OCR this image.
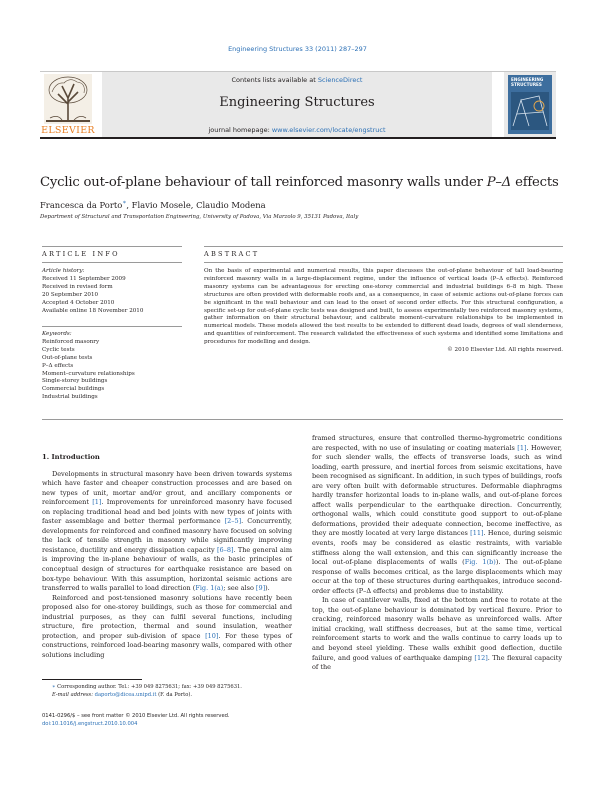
Engineering Structures 33 (2011) 287–297
ELSEVIER
Contents lists available at ScienceDirect
Engineering Structures
journal homepage: www.elsevier.com/locate/engstruct
ENGINEERING STRUCTURES
Cyclic out-of-plane behaviour of tall reinforced masonry walls under P–Δ effects
Francesca da Porto∗, Flavio Mosele, Claudio Modena
Department of Structural and Transportation Engineering, University of Padova, Via Marzolo 9, 35131 Padova, Italy
ARTICLE INFO	ABSTRACT
Article history:
Received 11 September 2009
Received in revised form
20 September 2010
Accepted 4 October 2010
Available online 18 November 2010
Keywords:
Reinforced masonry
Cyclic tests
Out-of-plane tests
P–Δ effects
Moment–curvature relationships
Single-storey buildings
Commercial buildings
Industrial buildings
On the basis of experimental and numerical results, this paper discusses the out-of-plane behaviour of tall load-bearing reinforced masonry walls in a large-displacement regime, under the influence of vertical loads (P–Δ effects). Reinforced masonry systems can be advantageous for erecting one-storey commercial and industrial buildings 6–8 m high. These structures are often provided with deformable roofs and, as a consequence, in case of seismic actions out-of-plane forces can be significant in the wall behaviour and can lead to the onset of second order effects. For this structural configuration, a specific set-up for out-of-plane cyclic tests was designed and built, to assess experimentally two reinforced masonry systems, gather information on their structural behaviour, and calibrate moment–curvature relationships to be implemented in numerical models. These models allowed the test results to be extended to different dead loads, degrees of wall slenderness, and quantities of reinforcement. The research validated the effectiveness of such systems and identified some limitations and procedures for modelling and design.
© 2010 Elsevier Ltd. All rights reserved.

1. Introduction

Developments in structural masonry have been driven towards systems which have faster and cheaper construction processes and are based on new types of unit, mortar and/or grout, and ancillary components or reinforcement [1]. Improvements for unreinforced masonry have focused on replacing traditional head and bed joints with new types of joints with faster assemblage and better thermal performance [2–5]. Concurrently, developments for reinforced and confined masonry have focused on solving the lack of tensile strength in masonry while significantly improving resistance, ductility and energy dissipation capacity [6–8]. The general aim is improving the in-plane behaviour of walls, as the basic principles of conceptual design of structures for earthquake resistance are based on box-type behaviour. With this assumption, horizontal seismic actions are transferred to walls parallel to load direction (Fig. 1(a); see also [9]).

Reinforced and post-tensioned masonry solutions have recently been proposed also for one-storey buildings, such as those for commercial and industrial purposes, as they can fulfil several functions, including structure, fire protection, thermal and sound insulation, weather protection, and proper sub-division of space [10]. For these types of constructions, reinforced load-bearing masonry walls, compared with other solutions including

framed structures, ensure that controlled thermo-hygrometric conditions are respected, with no use of insulating or coating materials [1]. However, for such slender walls, the effects of transverse loads, such as wind loading, earth pressure, and inertial forces from seismic excitations, have been recognised as significant. In addition, in such types of buildings, roofs are very often built with deformable structures. Deformable diaphragms hardly transfer horizontal loads to in-plane walls, and out-of-plane forces affect walls perpendicular to the earthquake direction. Concurrently, orthogonal walls, which could constitute good support to out-of-plane deformations, provided their adequate connection, become ineffective, as they are mostly located at very large distances [11]. Hence, during seismic events, roofs may be considered as elastic restraints, with variable stiffness along the wall extension, and this can significantly increase the local out-of-plane displacements of walls (Fig. 1(b)). The out-of-plane response of walls becomes critical, as the large displacements which may occur at the top of these structures during earthquakes, introduce second-order effects (P–Δ effects) and problems due to instability.

In case of cantilever walls, fixed at the bottom and free to rotate at the top, the out-of-plane behaviour is dominated by vertical flexure. Prior to cracking, reinforced masonry walls behave as unreinforced walls. After initial cracking, wall stiffness decreases, but at the same time, vertical reinforcement starts to work and the walls continue to carry loads up to and beyond steel yielding. These walls exhibit good deflection, ductile failure, and good values of earthquake damping [12]. The flexural capacity of the

∗ Corresponding author. Tel.: +39 049 8275631; fax: +39 049 8275631.
E-mail address: daporto@dicea.unipd.it (F. da Porto).
0141-0296/$ – see front matter © 2010 Elsevier Ltd. All rights reserved.
doi:10.1016/j.engstruct.2010.10.004
